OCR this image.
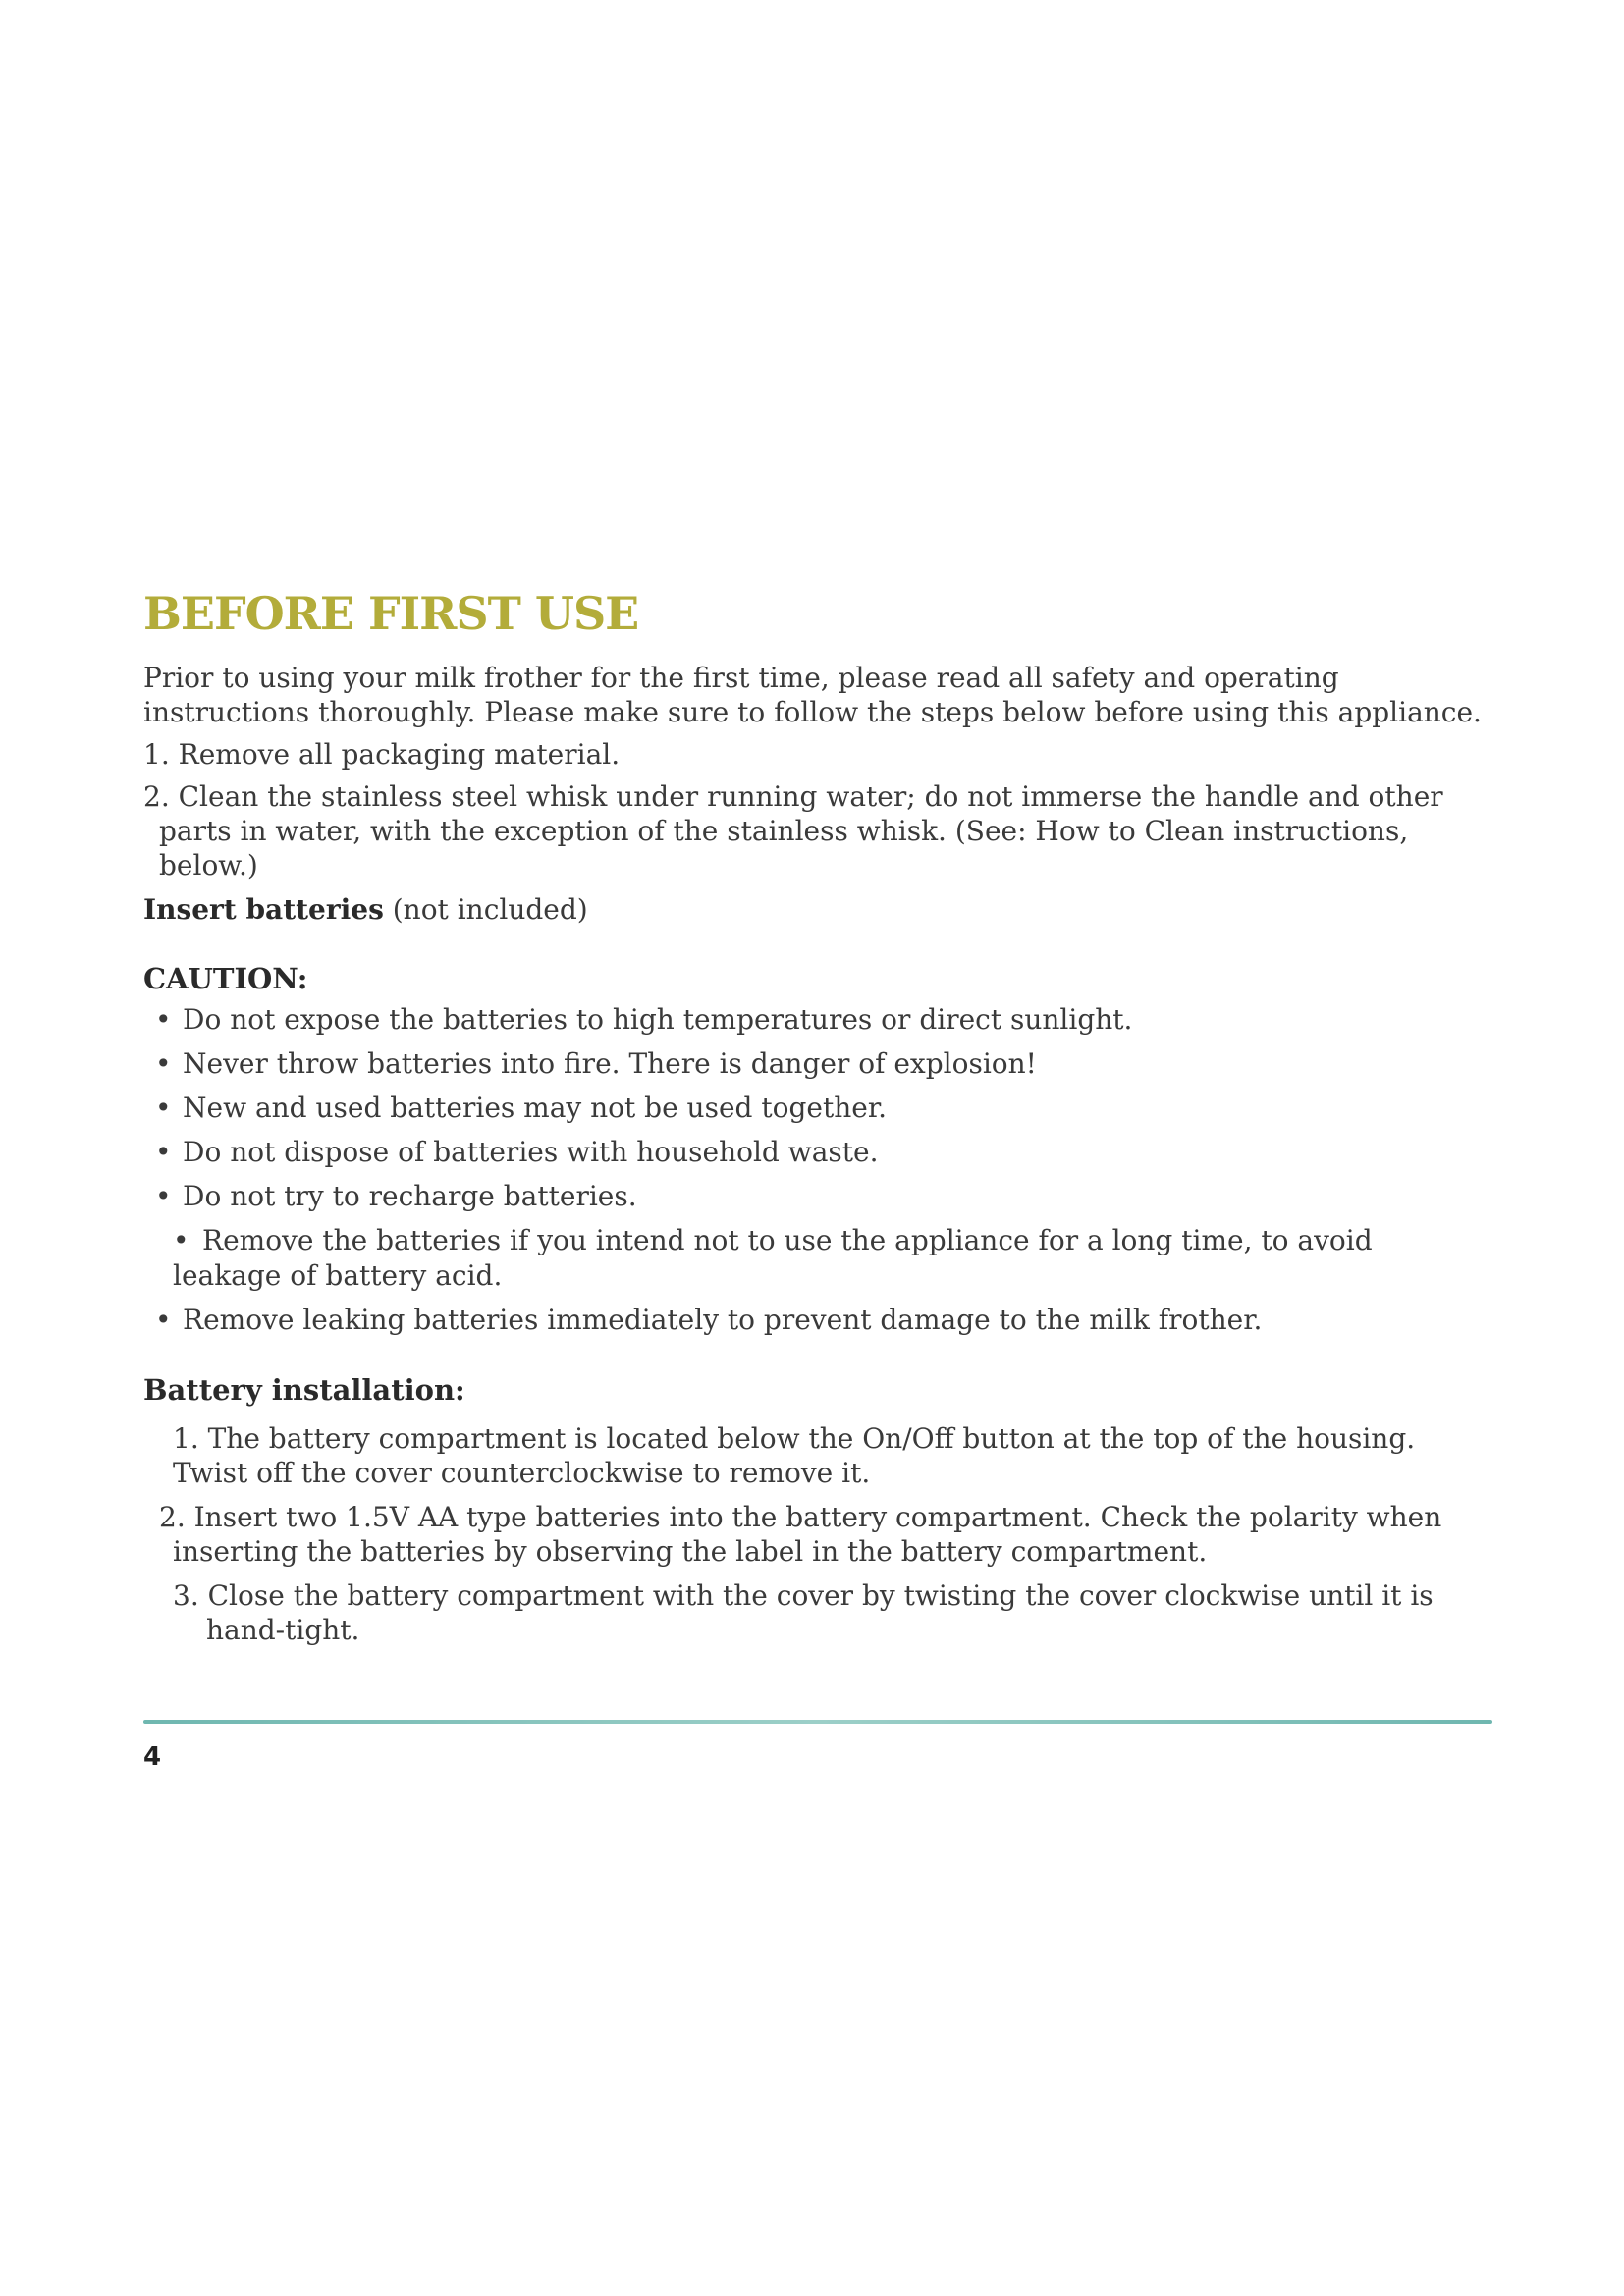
BEFORE FIRST USE

Prior to using your milk frother for the first time, please read all safety and operating instructions thoroughly. Please make sure to follow the steps below before using this appliance.

1. Remove all packaging material.

2. Clean the stainless steel whisk under running water; do not immerse the handle and other parts in water, with the exception of the stainless whisk. (See: How to Clean instructions, below.)

Insert batteries (not included)

CAUTION:
• Do not expose the batteries to high temperatures or direct sunlight.
• Never throw batteries into fire. There is danger of explosion!
• New and used batteries may not be used together.
• Do not dispose of batteries with household waste.
• Do not try to recharge batteries.
• Remove the batteries if you intend not to use the appliance for a long time, to avoid leakage of battery acid.
• Remove leaking batteries immediately to prevent damage to the milk frother.
Battery installation:
1. The battery compartment is located below the On/Off button at the top of the housing.
Twist off the cover counterclockwise to remove it.
2. Insert two 1.5V AA type batteries into the battery compartment. Check the polarity when
inserting the batteries by observing the label in the battery compartment.
3. Close the battery compartment with the cover by twisting the cover clockwise until it is
hand-tight.
4
